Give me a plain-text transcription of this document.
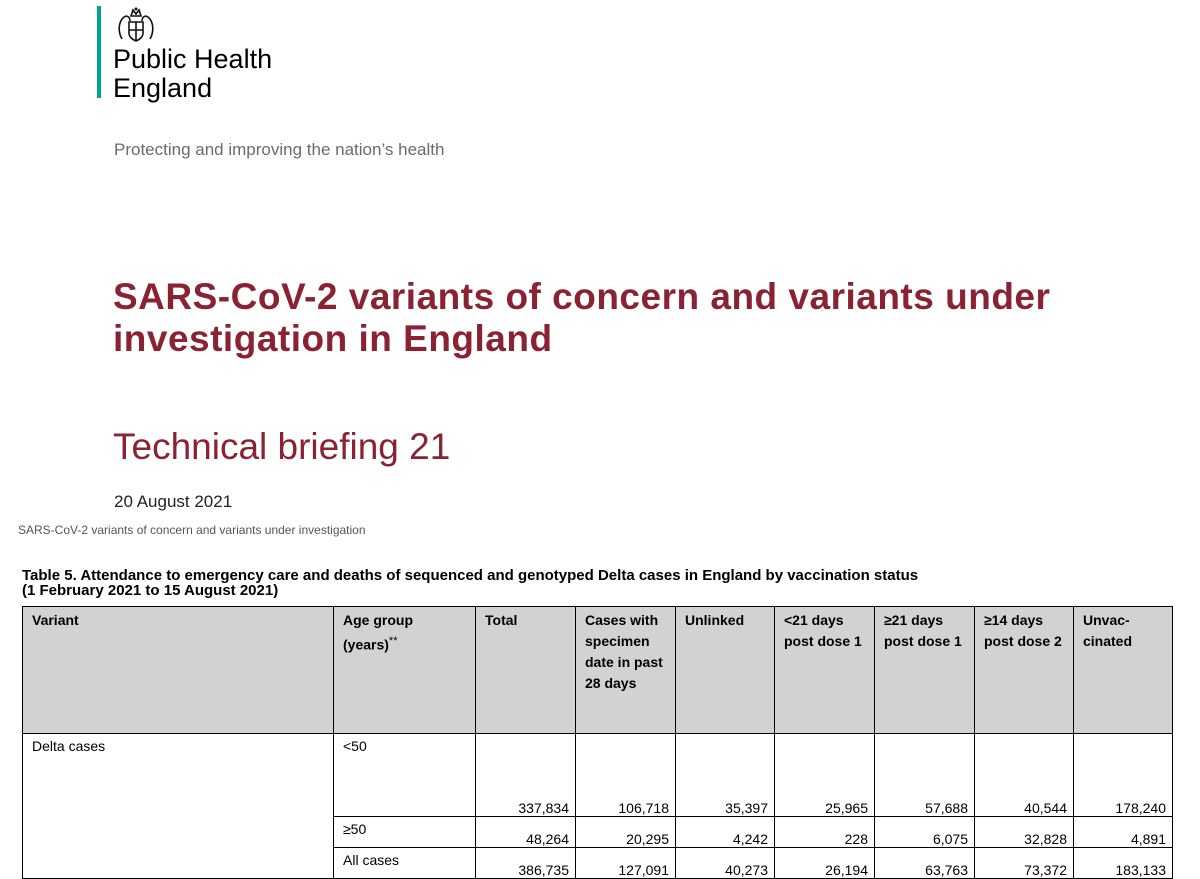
Public Health
England
Protecting and improving the nation’s health
SARS-CoV-2 variants of concern and variants under investigation in England
Technical briefing 21
20 August 2021
SARS-CoV-2 variants of concern and variants under investigation
Table 5. Attendance to emergency care and deaths of sequenced and genotyped Delta cases in England by vaccination status
(1 February 2021 to 15 August 2021)
Variant	Age group (years)**	Total	Cases with specimen date in past 28 days	Unlinked	<21 days post dose 1	≥21 days post dose 1	≥14 days post dose 2	Unvac-cinated
Delta cases	<50	337,834	106,718	35,397	25,965	57,688	40,544	178,240
	≥50	48,264	20,295	4,242	228	6,075	32,828	4,891
	All cases	386,735	127,091	40,273	26,194	63,763	73,372	183,133
